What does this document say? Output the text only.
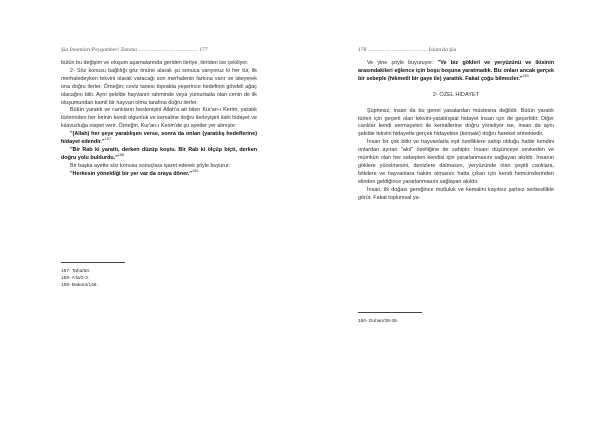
Şia İmamları/Peygamberi Tanıma ................................... 177

bütün bu değişim ve oluşum aşamalarında geriden ileriye, ileriden ise çekiliyor.

2- Söz konusu bağlılığı göz önüne alarak şu sonuca varıyoruz ki her tür, ilk merhaledeyken tekvini olarak varacağı son merhalenin farkına varır ve isteyerek ona doğru ilerler. Örneğin; ceviz tanesi toprakta yeşerince hedefinin gövdeli ağaç olacağını bilir. Aynı şekilde hayvanın rahminde veya yumurtada olan cenin de ilk oluşumundan kamil bir hayvan olma tarafına doğru ilerler.

Bütün yaratık ve canlıların beslenişini Allah'a ait bilen Kur'an-ı Kerim, yaratık türlerinden her birinin kendi olgunluk ve kemaline doğru ilerleyişini ilahi hidayet ve kılavuzluğa nispet verir. Örneğin, Kur'an-ı Kerim'de şu ayetler yer almıştır:

"(Allah) her şeye yaratılışını verse, sonra da onları (yaratılış hedeflerine) hidayet edendir."$^{157}$

"Bir Rab ki yarattı, derken düzüp koştu. Bir Rab ki ölçüp biçti, derken doğru yolu buldurdu."$^{158}$

Bir başka ayette söz konusu sonuçlara işaret ederek şöyle buyurur:

"Herkesin yöneldiği bir yer var da oraya döner."$^{159}$

157- Taha/50.
158- A'la/2-3.
159- Bakara/148.
178 ................................... İslam'da Şia

Ve yine şöyle buyuruyor: "Ve biz gökleri ve yeryüzünü ve ikisinin arasındakileri eğlence için boşu boşuna yaratmadık. Biz onları ancak gerçek bir sebeple (hikmetli bir gaye ile) yarattık. Fakat çoğu bilmezler."$^{160}$

2- ÖZEL HİDAYET

Şüphesiz, insan da bu genel yasalardan müstesna değildir. Bütün yaratık türleri için geçerli olan tekvini-yaratılışsal hidayet insan için de geçerlidir. Diğer canlılar kendi sermayeleri ile kemallerine doğru yöneliyor ise, insan da aynı şekilde tekvini hidayetle gerçek hidayetine (kemale) doğru hareket etmektedir.

İnsan bir çok bitki ve hayvanlarla eşit özelliklere sahip olduğu halde kendini onlardan ayıran "akıl" özelliğine de sahiptir. İnsanı düşünceye sevkeden ve mümkün olan her sebepten kendisi için yararlanmasını sağlayan akıldır. İnsanın göklere yücelmesini, denizlere dalmasını, yeryüzünde olan çeşitli canlılara, bitkilere ve hayvanlara hakim olmasını hatta çıkarı için kendi hemcinslerinden elinden geldiğince yararlanmasını sağlayan akıldır.

İnsan, ilk doğası gereğince mutluluk ve kemalini kayıtsız şartsız serbestlikte görür. Fakat toplumsal ya-

160- Duhan/38-39.
